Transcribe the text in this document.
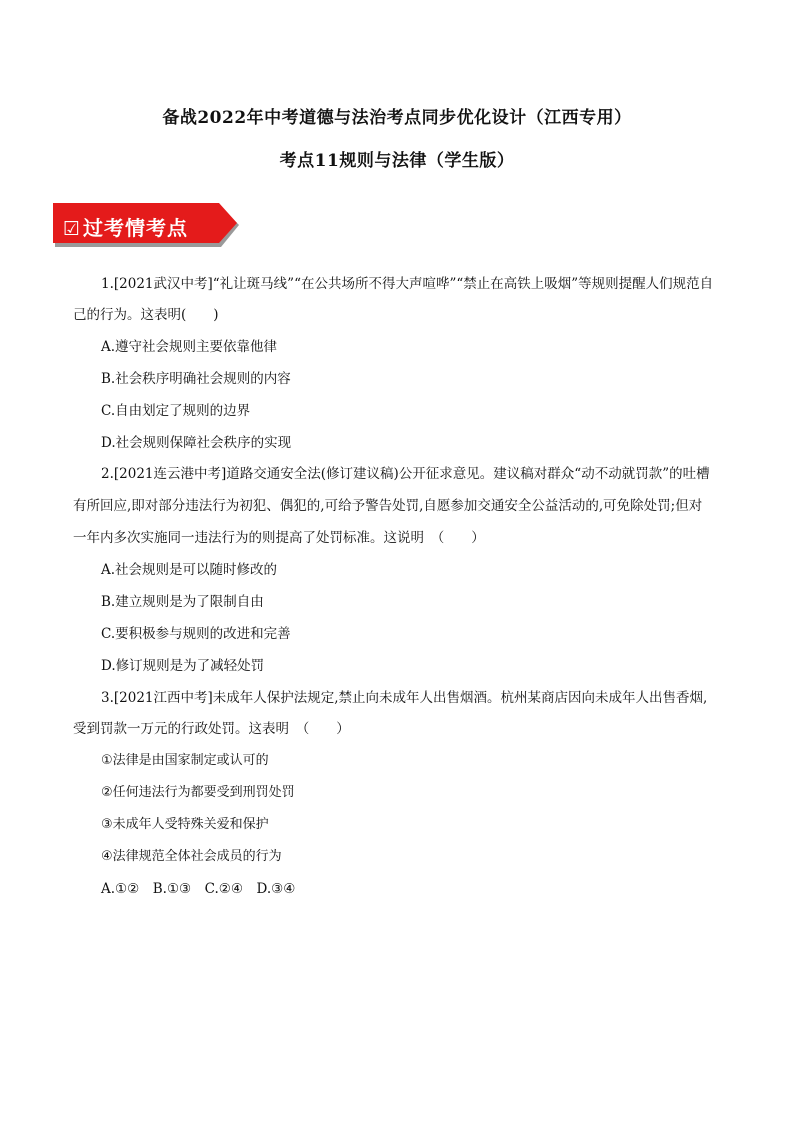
备战2022年中考道德与法治考点同步优化设计（江西专用）
考点11规则与法律（学生版）
☑ 过考情考点
1.[2021武汉中考]“礼让斑马线”“在公共场所不得大声喧哗”“禁止在高铁上吸烟”等规则提醒人们规范自
己的行为。这表明(　　)
A.遵守社会规则主要依靠他律
B.社会秩序明确社会规则的内容
C.自由划定了规则的边界
D.社会规则保障社会秩序的实现
2.[2021连云港中考]道路交通安全法(修订建议稿)公开征求意见。建议稿对群众“动不动就罚款”的吐槽
有所回应,即对部分违法行为初犯、偶犯的,可给予警告处罚,自愿参加交通安全公益活动的,可免除处罚;但对
一年内多次实施同一违法行为的则提高了处罚标准。这说明　（　　）
A.社会规则是可以随时修改的
B.建立规则是为了限制自由
C.要积极参与规则的改进和完善
D.修订规则是为了减轻处罚
3.[2021江西中考]未成年人保护法规定,禁止向未成年人出售烟酒。杭州某商店因向未成年人出售香烟,
受到罚款一万元的行政处罚。这表明　（　　）
①法律是由国家制定或认可的
②任何违法行为都要受到刑罚处罚
③未成年人受特殊关爱和保护
④法律规范全体社会成员的行为
A.①②　B.①③　C.②④　D.③④
